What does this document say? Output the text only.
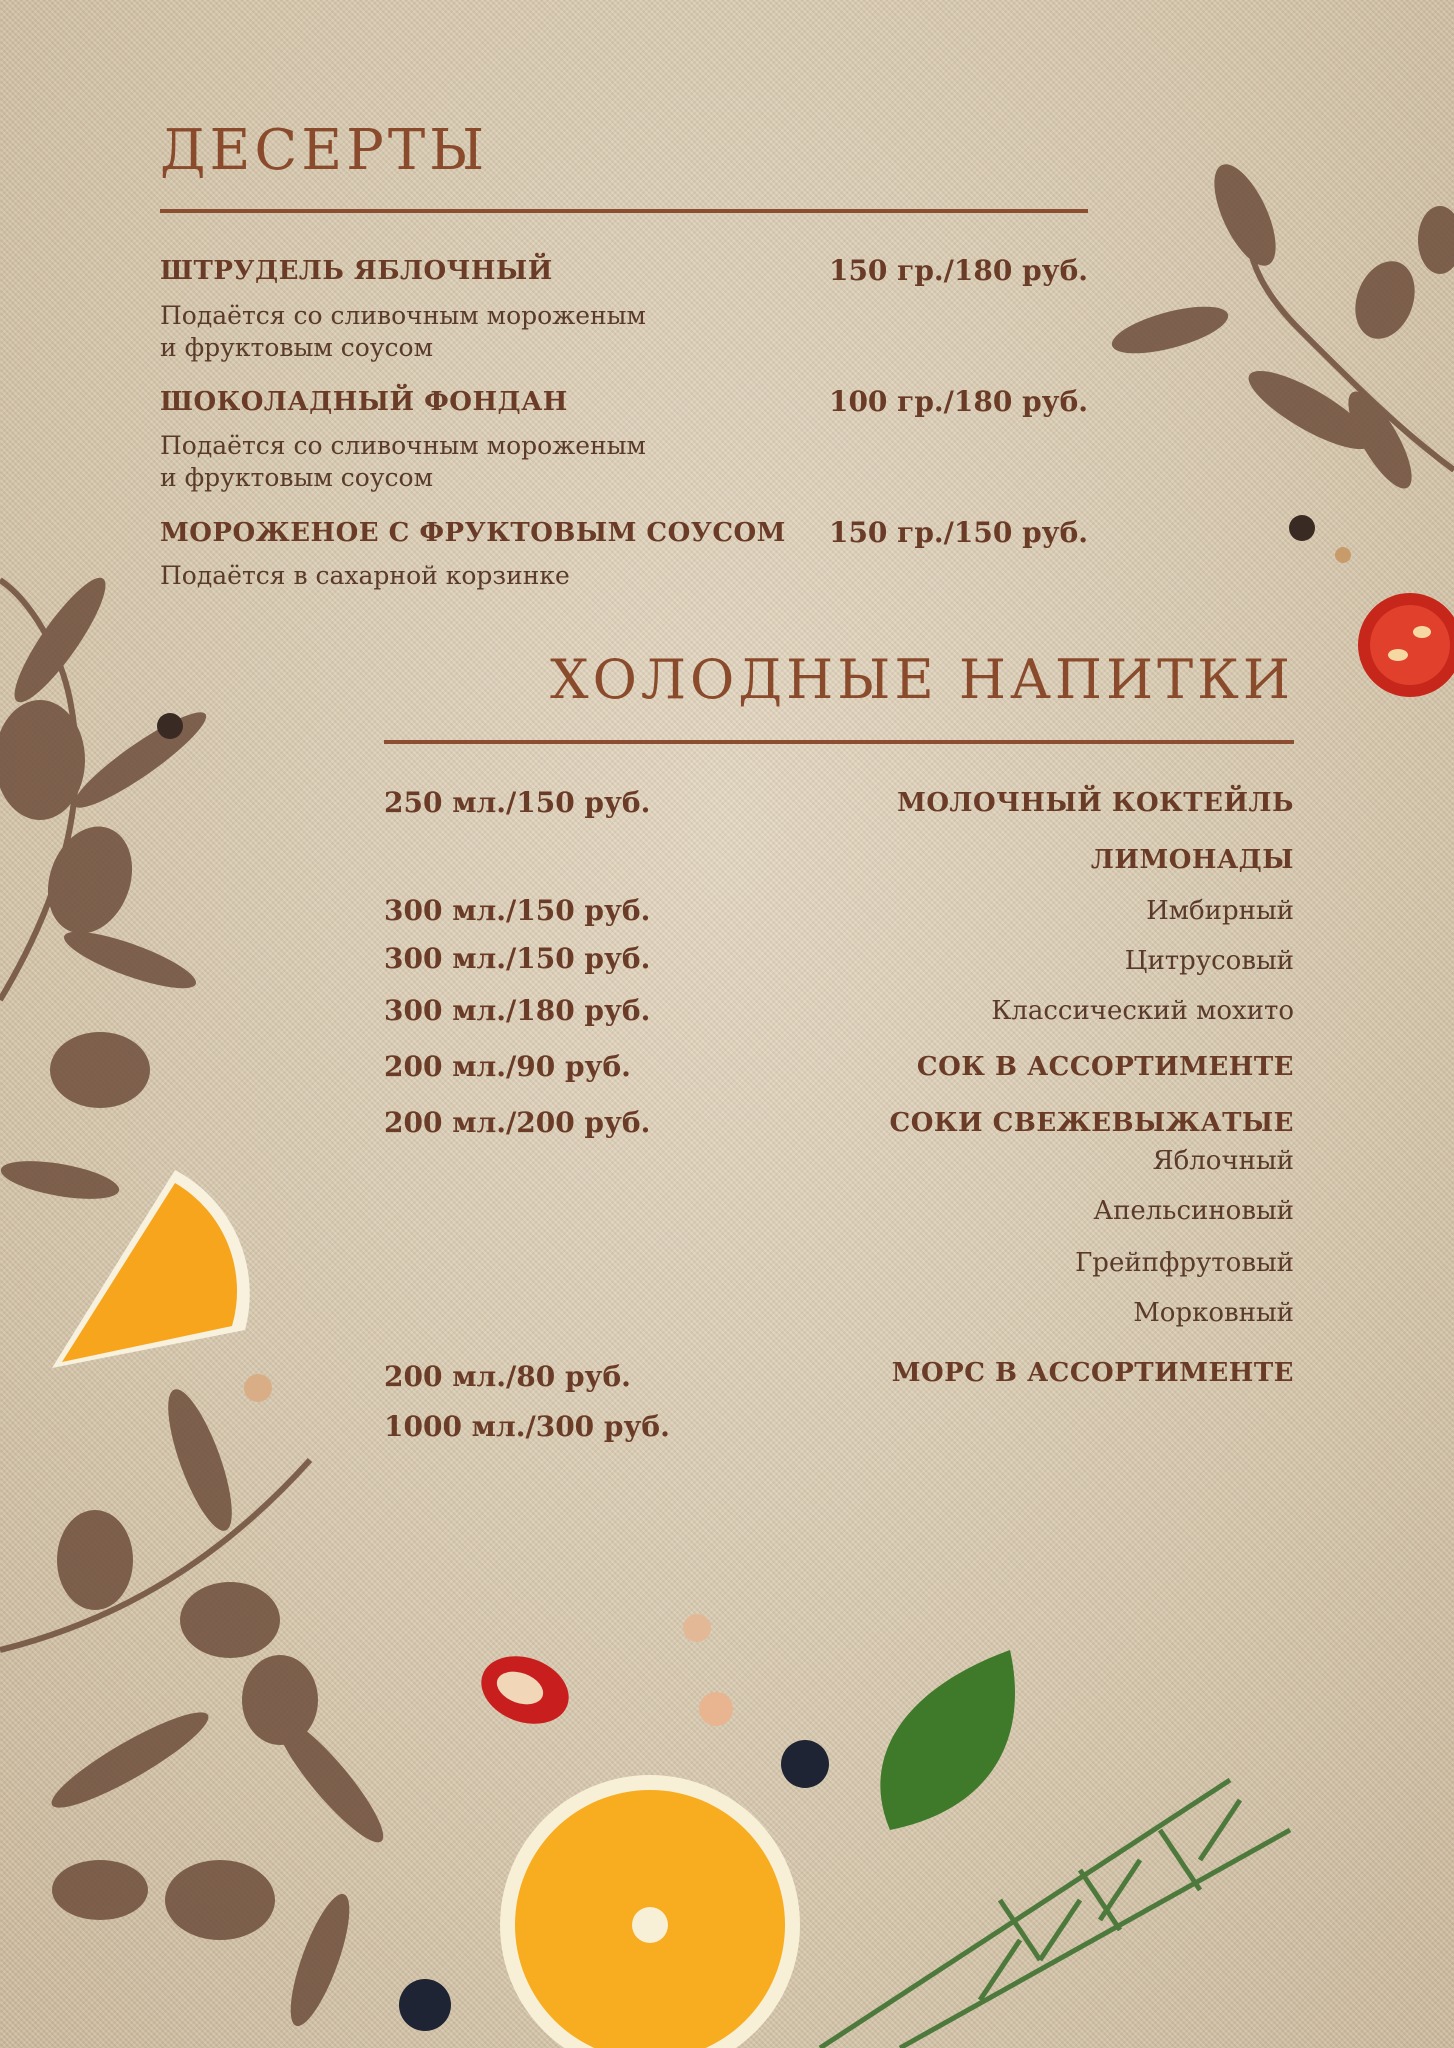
ДЕСЕРТЫ
ШТРУДЕЛЬ ЯБЛОЧНЫЙ	150 гр./180 руб.
Подаётся со сливочным мороженым
и фруктовым соусом
ШОКОЛАДНЫЙ ФОНДАН	100 гр./180 руб.
Подаётся со сливочным мороженым
и фруктовым соусом
МОРОЖЕНОЕ С ФРУКТОВЫМ СОУСОМ 150 гр./150 руб.
Подаётся в сахарной корзинке
ХОЛОДНЫЕ НАПИТКИ
250 мл./150 руб.	МОЛОЧНЫЙ КОКТЕЙЛЬ
ЛИМОНАДЫ
300 мл./150 руб.	Имбирный
300 мл./150 руб.	Цитрусовый
300 мл./180 руб.	Классический мохито
200 мл./90 руб.	СОК В АССОРТИМЕНТЕ
200 мл./200 руб.	СОКИ СВЕЖЕВЫЖАТЫЕ
Яблочный
Апельсиновый
Грейпфрутовый
Морковный
200 мл./80 руб.	МОРС В АССОРТИМЕНТЕ
1000 мл./300 руб.
